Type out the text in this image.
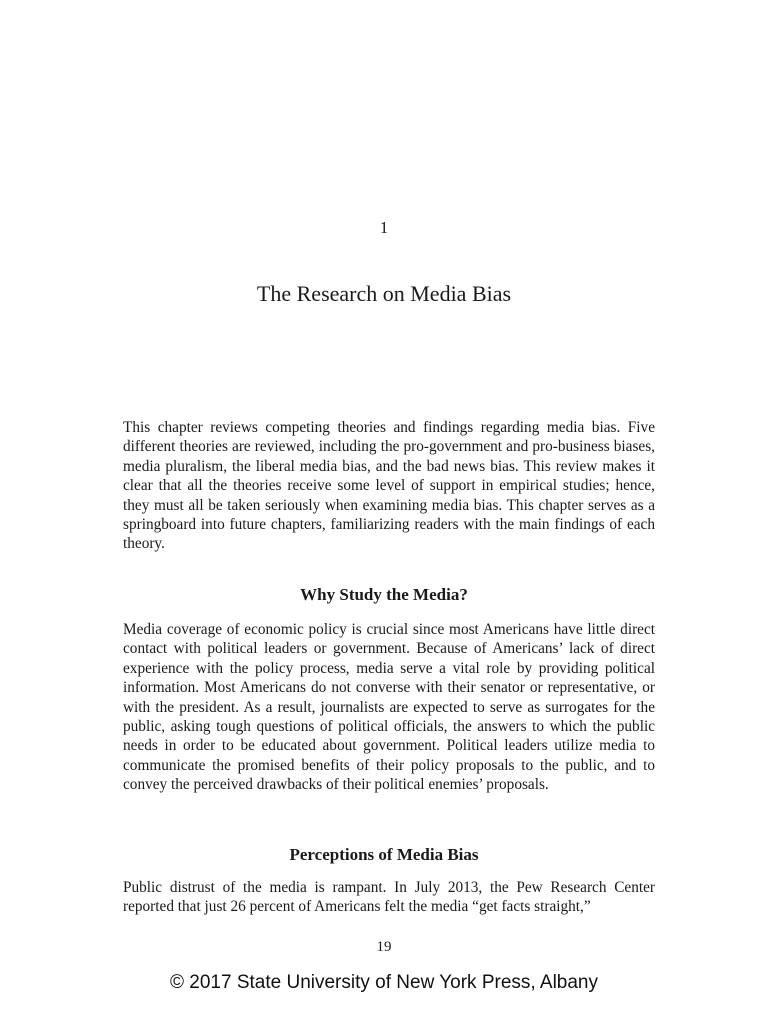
1
The Research on Media Bias

This chapter reviews competing theories and findings regarding media bias. Five different theories are reviewed, including the pro-government and pro-business biases, media pluralism, the liberal media bias, and the bad news bias. This review makes it clear that all the theories receive some level of support in empirical studies; hence, they must all be taken seriously when examining media bias. This chapter serves as a springboard into future chapters, familiarizing readers with the main findings of each theory.

Why Study the Media?

Media coverage of economic policy is crucial since most Americans have little direct contact with political leaders or government. Because of Americans’ lack of direct experience with the policy process, media serve a vital role by providing political information. Most Americans do not converse with their senator or representative, or with the president. As a result, journalists are expected to serve as surrogates for the public, asking tough questions of political officials, the answers to which the public needs in order to be educated about government. Political leaders utilize media to communicate the promised benefits of their policy proposals to the public, and to convey the perceived drawbacks of their political enemies’ proposals.

Perceptions of Media Bias

Public distrust of the media is rampant. In July 2013, the Pew Research Center reported that just 26 percent of Americans felt the media “get facts straight,”

19
© 2017 State University of New York Press, Albany
